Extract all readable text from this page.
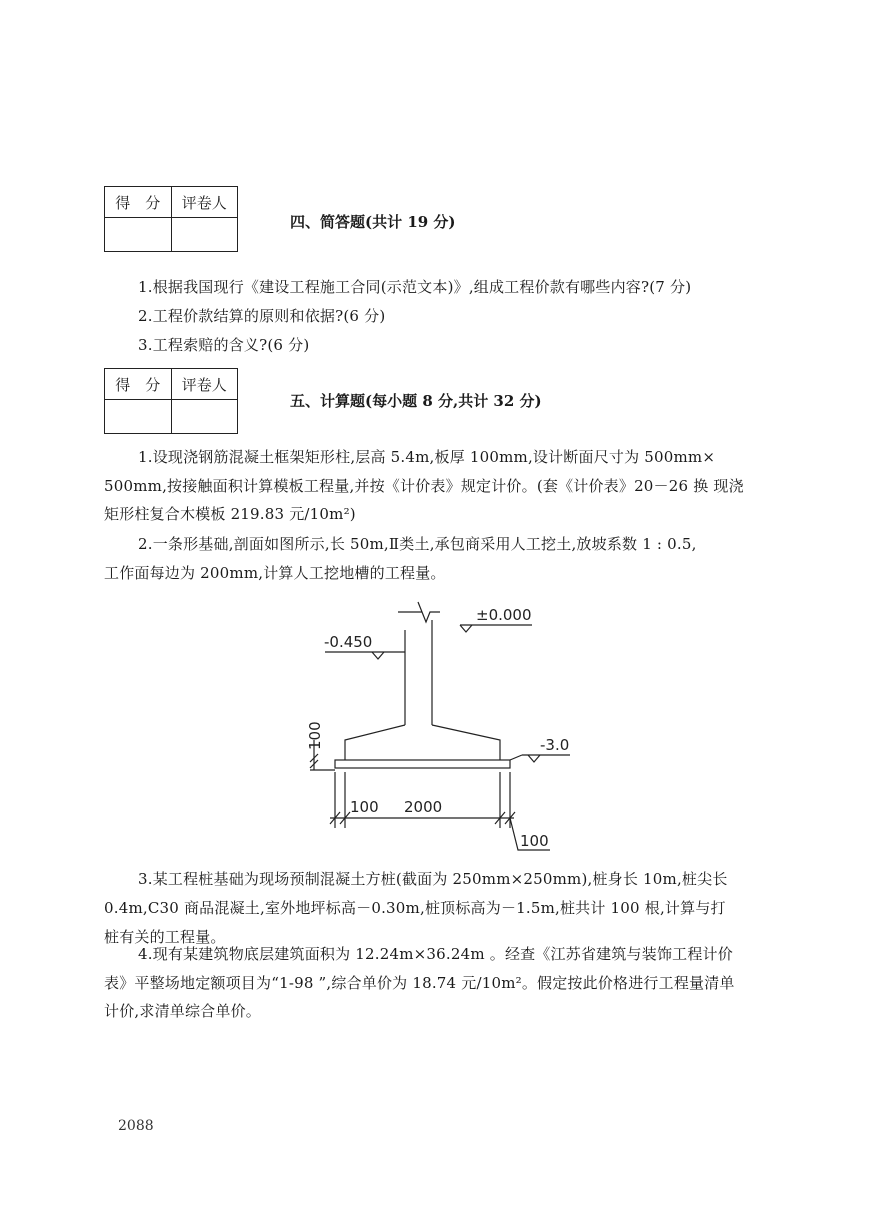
得　分	评卷人

四、简答题(共计 19 分)
1.根据我国现行《建设工程施工合同(示范文本)》,组成工程价款有哪些内容?(7 分)
2.工程价款结算的原则和依据?(6 分)
3.工程索赔的含义?(6 分)
得　分	评卷人

五、计算题(每小题 8 分,共计 32 分)
1.设现浇钢筋混凝土框架矩形柱,层高 5.4m,板厚 100mm,设计断面尺寸为 500mm×
500mm,按接触面积计算模板工程量,并按《计价表》规定计价。(套《计价表》20－26 换 现浇
矩形柱复合木模板 219.83 元/10m²)
2.一条形基础,剖面如图所示,长 50m,Ⅱ类土,承包商采用人工挖土,放坡系数 1 : 0.5,
工作面每边为 200mm,计算人工挖地槽的工程量。
±0.000
-0.450
-3.0
100
100 2000
100
3.某工程桩基础为现场预制混凝土方桩(截面为 250mm×250mm),桩身长 10m,桩尖长
0.4m,C30 商品混凝土,室外地坪标高－0.30m,桩顶标高为－1.5m,桩共计 100 根,计算与打
桩有关的工程量。
4.现有某建筑物底层建筑面积为 12.24m×36.24m 。经查《江苏省建筑与装饰工程计价
表》平整场地定额项目为“1-98 ”,综合单价为 18.74 元/10m²。假定按此价格进行工程量清单
计价,求清单综合单价。
2088
